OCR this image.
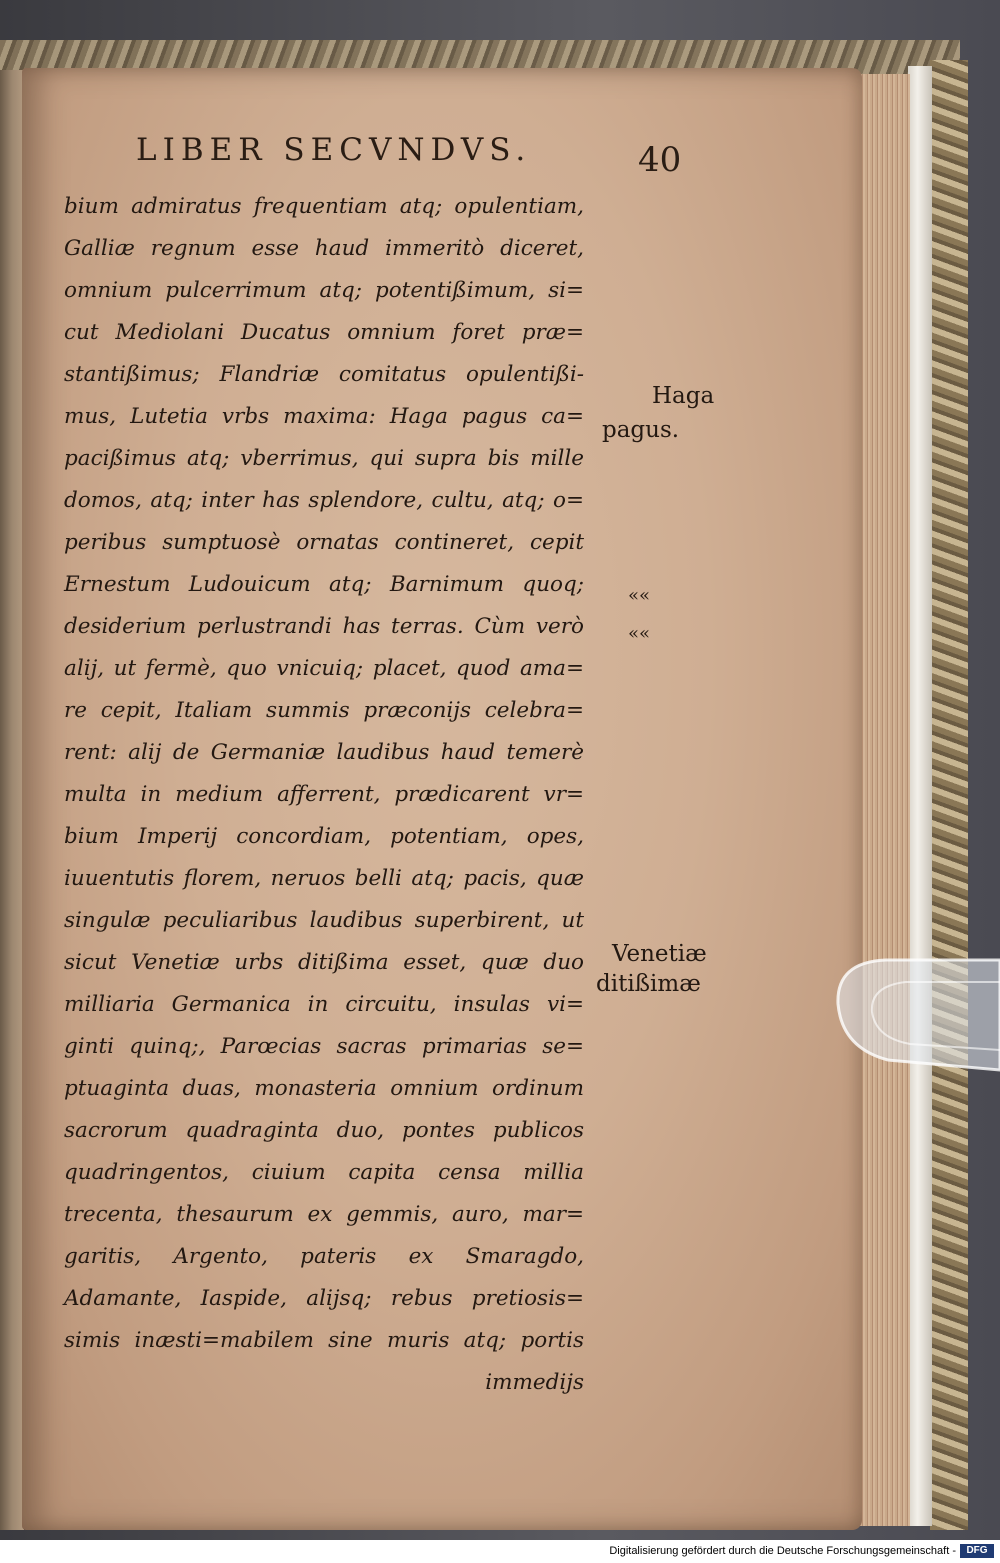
LIBER SECVNDVS.	40
bium admiratus frequentiam atq; opulentiam,
Galliæ regnum esse haud immeritò diceret,
omnium pulcerrimum atq; potentißimum, si=
cut Mediolani Ducatus omnium foret præ=
stantißimus; Flandriæ comitatus opulentißi-
mus, Lutetia vrbs maxima: Haga pagus ca=
pacißimus atq; vberrimus, qui supra bis mille
domos, atq; inter has splendore, cultu, atq; o=
peribus sumptuosè ornatas contineret, cepit
Ernestum Ludouicum atq; Barnimum quoq;
desiderium perlustrandi has terras. Cùm verò
alij, ut fermè, quo vnicuiq; placet, quod ama=
re cepit, Italiam summis præconijs celebra=
rent: alij de Germaniæ laudibus haud temerè
multa in medium afferrent, prædicarent vr=
bium Imperij concordiam, potentiam, opes,
iuuentutis florem, neruos belli atq; pacis, quæ
singulæ peculiaribus laudibus superbirent, ut
sicut Venetiæ urbs ditißima esset, quæ duo
milliaria Germanica in circuitu, insulas vi=
ginti quinq;, Parœcias sacras primarias se=
ptuaginta duas, monasteria omnium ordinum
sacrorum quadraginta duo, pontes publicos
quadringentos, ciuium capita censa millia
trecenta, thesaurum ex gemmis, auro, mar=
garitis, Argento, pateris ex Smaragdo,
Adamante, Iaspide, alijsq; rebus pretiosis=
simis inæsti=mabilem sine muris atq; portis
immedijs
Haga
pagus.
««
««
Venetiæ
ditißimæ
Digitalisierung gefördert durch die Deutsche Forschungsgemeinschaft -	DFG
